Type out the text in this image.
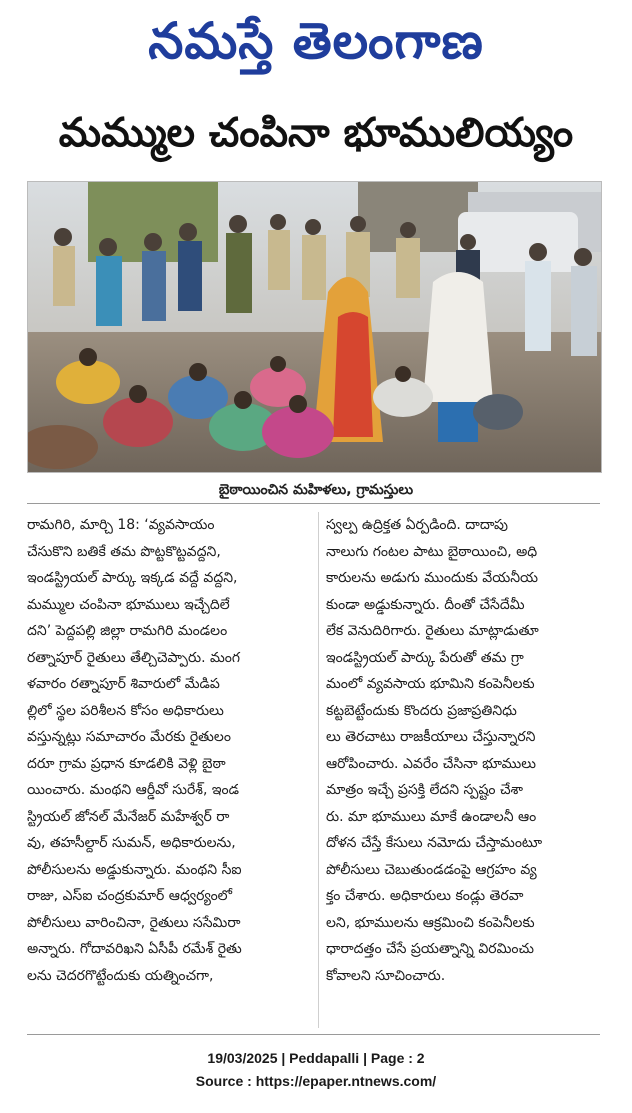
నమస్తే తెలంగాణ
మమ్ముల చంపినా భూములియ్యం
బైఠాయించిన మహిళలు, గ్రామస్తులు
రామగిరి, మార్చి 18: ‘వ్యవసాయం
చేసుకొని బతికే తమ పొట్టకొట్టవద్దని,
ఇండస్ట్రియల్ పార్కు ఇక్కడ వద్దే వద్దని,
మమ్ముల చంపినా భూములు ఇచ్చేదిలే
దని’ పెద్దపల్లి జిల్లా రామగిరి మండలం
రత్నాపూర్ రైతులు తేల్చిచెప్పారు. మంగ
ళవారం రత్నాపూర్ శివారులో మేడిప
ల్లిలో స్థల పరిశీలన కోసం అధికారులు
వస్తున్నట్లు సమాచారం మేరకు రైతులం
దరూ గ్రామ ప్రధాన కూడలికి వెళ్లి బైఠా
యించారు. మంథని ఆర్డీవో సురేశ్, ఇండ
స్ట్రియల్ జోనల్ మేనేజర్ మహేశ్వర్ రా
వు, తహసీల్దార్ సుమన్, అధికారులను,
పోలీసులను అడ్డుకున్నారు. మంథని సీఐ
రాజు, ఎస్ఐ చంద్రకుమార్ ఆధ్వర్యంలో
పోలీసులు వారించినా, రైతులు ససేమిరా
అన్నారు. గోదావరిఖని ఏసీపీ రమేశ్ రైతు
లను చెదరగొట్టేందుకు యత్నించగా,
స్వల్ప ఉద్రిక్తత ఏర్పడింది. దాదాపు
నాలుగు గంటల పాటు బైఠాయించి, అధి
కారులను అడుగు ముందుకు వేయనీయ
కుండా అడ్డుకున్నారు. దీంతో చేసేదేమీ
లేక వెనుదిరిగారు. రైతులు మాట్లాడుతూ
ఇండస్ట్రియల్ పార్కు పేరుతో తమ గ్రా
మంలో వ్యవసాయ భూమిని కంపెనీలకు
కట్టబెట్టేందుకు కొందరు ప్రజాప్రతినిధు
లు తెరచాటు రాజకీయాలు చేస్తున్నారని
ఆరోపించారు. ఎవరేం చేసినా భూములు
మాత్రం ఇచ్చే ప్రసక్తి లేదని స్పష్టం చేశా
రు. మా భూములు మాకే ఉండాలనీ ఆం
దోళన చేస్తే కేసులు నమోదు చేస్తామంటూ
పోలీసులు చెబుతుండడంపై ఆగ్రహం వ్య
క్తం చేశారు. అధికారులు కండ్లు తెరవా
లని, భూములను ఆక్రమించి కంపెనీలకు
ధారాదత్తం చేసే ప్రయత్నాన్ని విరమించు
కోవాలని సూచించారు.
19/03/2025 | Peddapalli | Page : 2
Source : https://epaper.ntnews.com/
